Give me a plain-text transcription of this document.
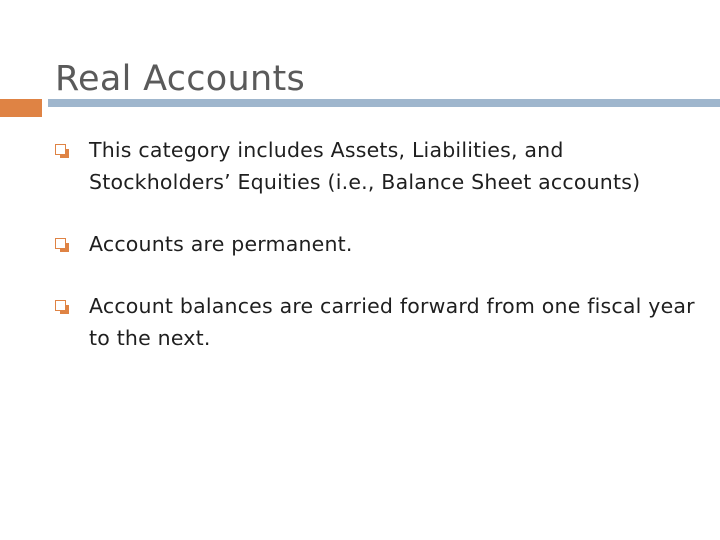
Real Accounts
This category includes Assets, Liabilities, and Stockholders’ Equities (i.e., Balance Sheet accounts)
Accounts are permanent.
Account balances are carried forward from one fiscal year to the next.
